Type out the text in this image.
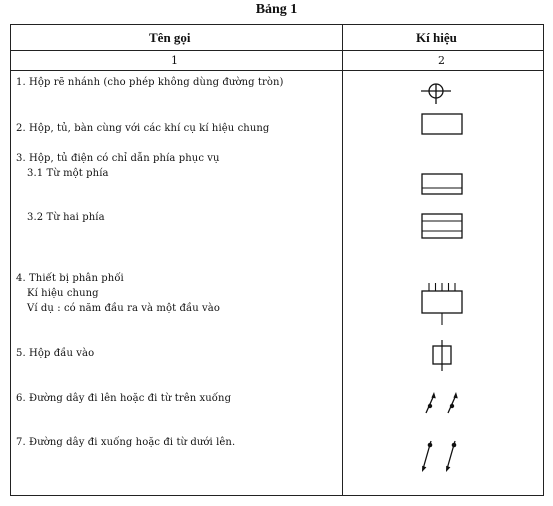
Bảng 1
Tên gọi	Kí hiệu
1	2
1. Hộp rẽ nhánh (cho phép không dùng đường tròn)
2. Hộp, tủ, bàn cùng với các khí cụ kí hiệu chung
3. Hộp, tủ điện có chỉ dẫn phía phục vụ
3.1 Từ một phía
3.2 Từ hai phía
4. Thiết bị phân phối
Kí hiệu chung
Ví dụ : có năm đầu ra và một đầu vào
5. Hộp đầu vào
6. Đường dây đi lên hoặc đi từ trên xuống
7. Đường dây đi xuống hoặc đi từ dưới lên.
